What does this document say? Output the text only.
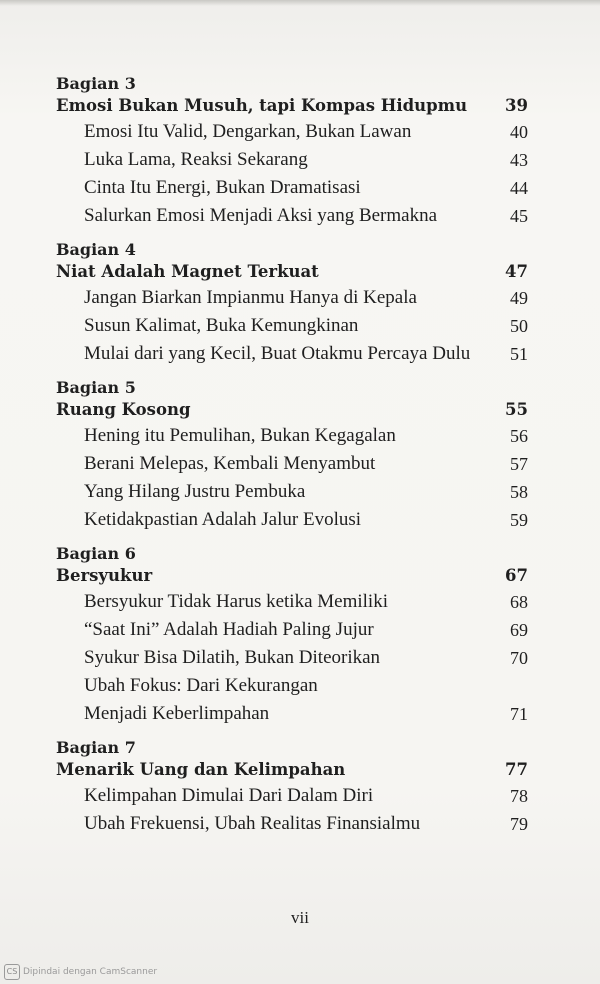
Bagian 3
Emosi Bukan Musuh, tapi Kompas Hidupmu 39
Emosi Itu Valid, Dengarkan, Bukan Lawan	40
Luka Lama, Reaksi Sekarang	43
Cinta Itu Energi, Bukan Dramatisasi	44
Salurkan Emosi Menjadi Aksi yang Bermakna	45
Bagian 4
Niat Adalah Magnet Terkuat	47
Jangan Biarkan Impianmu Hanya di Kepala	49
Susun Kalimat, Buka Kemungkinan	50
Mulai dari yang Kecil, Buat Otakmu Percaya Dulu 51
Bagian 5
Ruang Kosong	55
Hening itu Pemulihan, Bukan Kegagalan	56
Berani Melepas, Kembali Menyambut	57
Yang Hilang Justru Pembuka	58
Ketidakpastian Adalah Jalur Evolusi	59
Bagian 6
Bersyukur	67
Bersyukur Tidak Harus ketika Memiliki	68
“Saat Ini” Adalah Hadiah Paling Jujur	69
Syukur Bisa Dilatih, Bukan Diteorikan	70
Ubah Fokus: Dari Kekurangan
Menjadi Keberlimpahan	71
Bagian 7
Menarik Uang dan Kelimpahan	77
Kelimpahan Dimulai Dari Dalam Diri	78
Ubah Frekuensi, Ubah Realitas Finansialmu	79
vii
CS Dipindai dengan CamScanner
